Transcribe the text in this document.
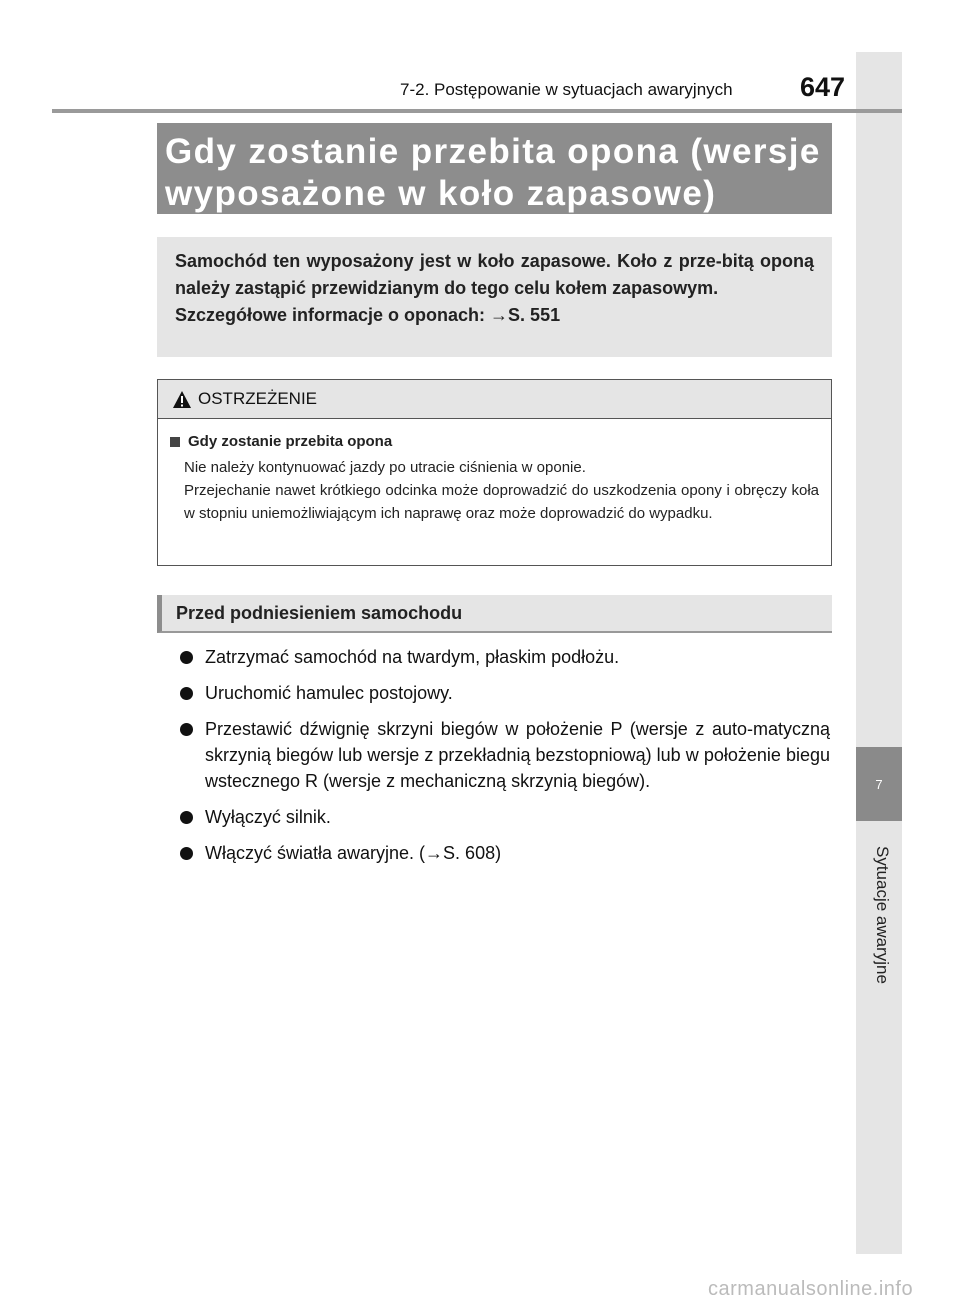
7
Sytuacje awaryjne
7-2. Postępowanie w sytuacjach awaryjnych 647
Gdy zostanie przebita opona (wersje
wyposażone w koło zapasowe)

Samochód ten wyposażony jest w koło zapasowe. Koło z prze-bitą oponą należy zastąpić przewidzianym do tego celu kołem zapasowym.

Szczegółowe informacje o oponach: →S. 551

OSTRZEŻENIE
Gdy zostanie przebita opona
Nie należy kontynuować jazdy po utracie ciśnienia w oponie.
Przejechanie nawet krótkiego odcinka może doprowadzić do uszkodzenia opony i obręczy koła w stopniu uniemożliwiającym ich naprawę oraz może doprowadzić do wypadku.
Przed podniesieniem samochodu
Zatrzymać samochód na twardym, płaskim podłożu.
Uruchomić hamulec postojowy.
Przestawić dźwignię skrzyni biegów w położenie P (wersje z auto-matyczną skrzynią biegów lub wersje z przekładnią bezstopniową) lub w położenie biegu wstecznego R (wersje z mechaniczną skrzynią biegów).
Wyłączyć silnik.
Włączyć światła awaryjne. (→S. 608)
carmanualsonline.info
